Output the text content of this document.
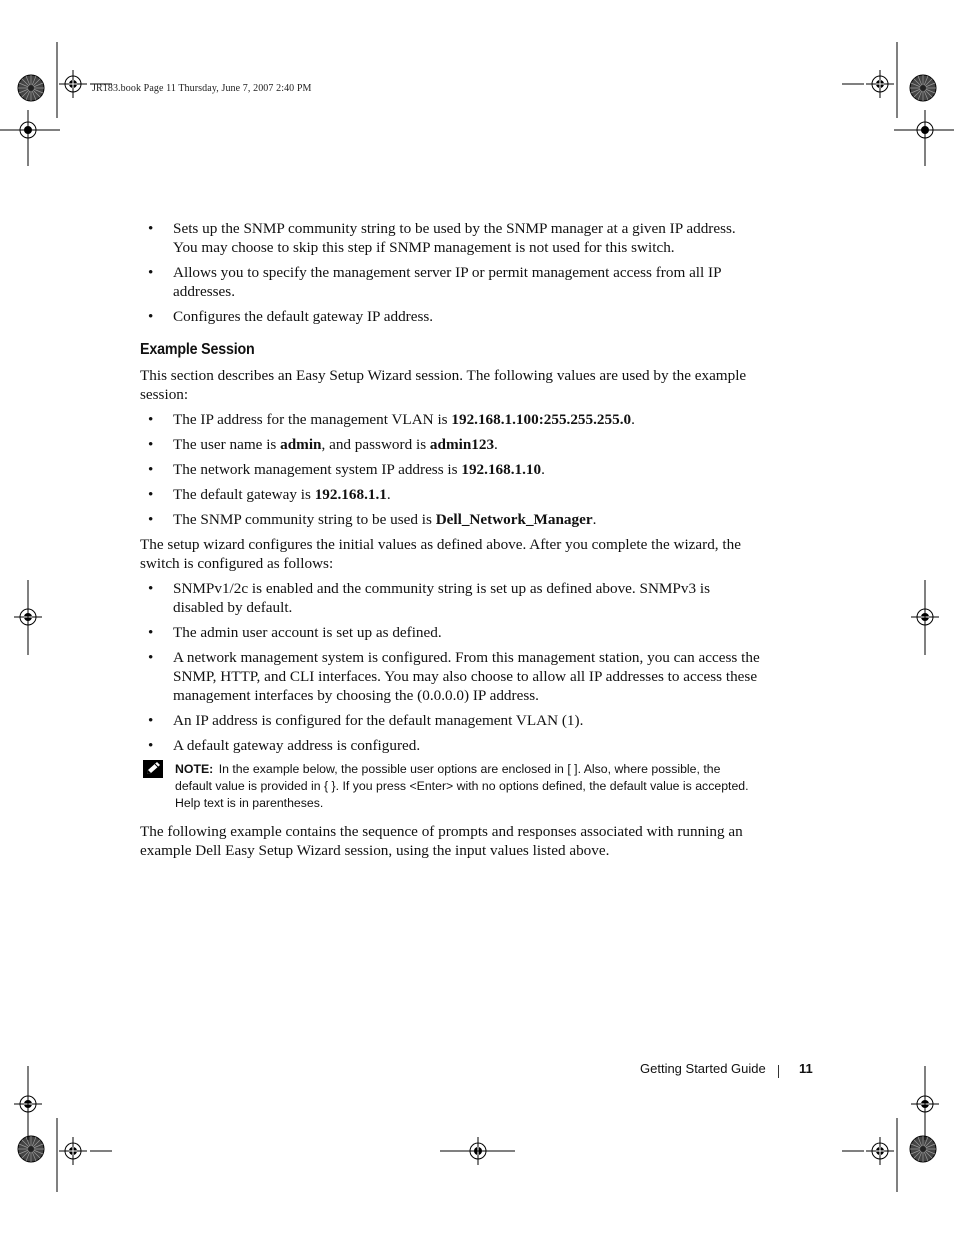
JR183.book Page 11 Thursday, June 7, 2007 2:40 PM
• Sets up the SNMP community string to be used by the SNMP manager at a given IP address. You may choose to skip this step if SNMP management is not used for this switch.
• Allows you to specify the management server IP or permit management access from all IP addresses.
• Configures the default gateway IP address.
Example Session

This section describes an Easy Setup Wizard session. The following values are used by the example session:

• The IP address for the management VLAN is 192.168.1.100:255.255.255.0.
• The user name is admin, and password is admin123.
• The network management system IP address is 192.168.1.10.
• The default gateway is 192.168.1.1.
• The SNMP community string to be used is Dell_Network_Manager.

The setup wizard configures the initial values as defined above. After you complete the wizard, the switch is configured as follows:

• SNMPv1/2c is enabled and the community string is set up as defined above. SNMPv3 is disabled by default.
• The admin user account is set up as defined.
• A network management system is configured. From this management station, you can access the SNMP, HTTP, and CLI interfaces. You may also choose to allow all IP addresses to access these management interfaces by choosing the (0.0.0.0) IP address.
• An IP address is configured for the default management VLAN (1).
• A default gateway address is configured.
NOTE: In the example below, the possible user options are enclosed in [ ]. Also, where possible, the default value is provided in { }. If you press <Enter> with no options defined, the default value is accepted. Help text is in parentheses.

The following example contains the sequence of prompts and responses associated with running an example Dell Easy Setup Wizard session, using the input values listed above.

Getting Started Guide	11
